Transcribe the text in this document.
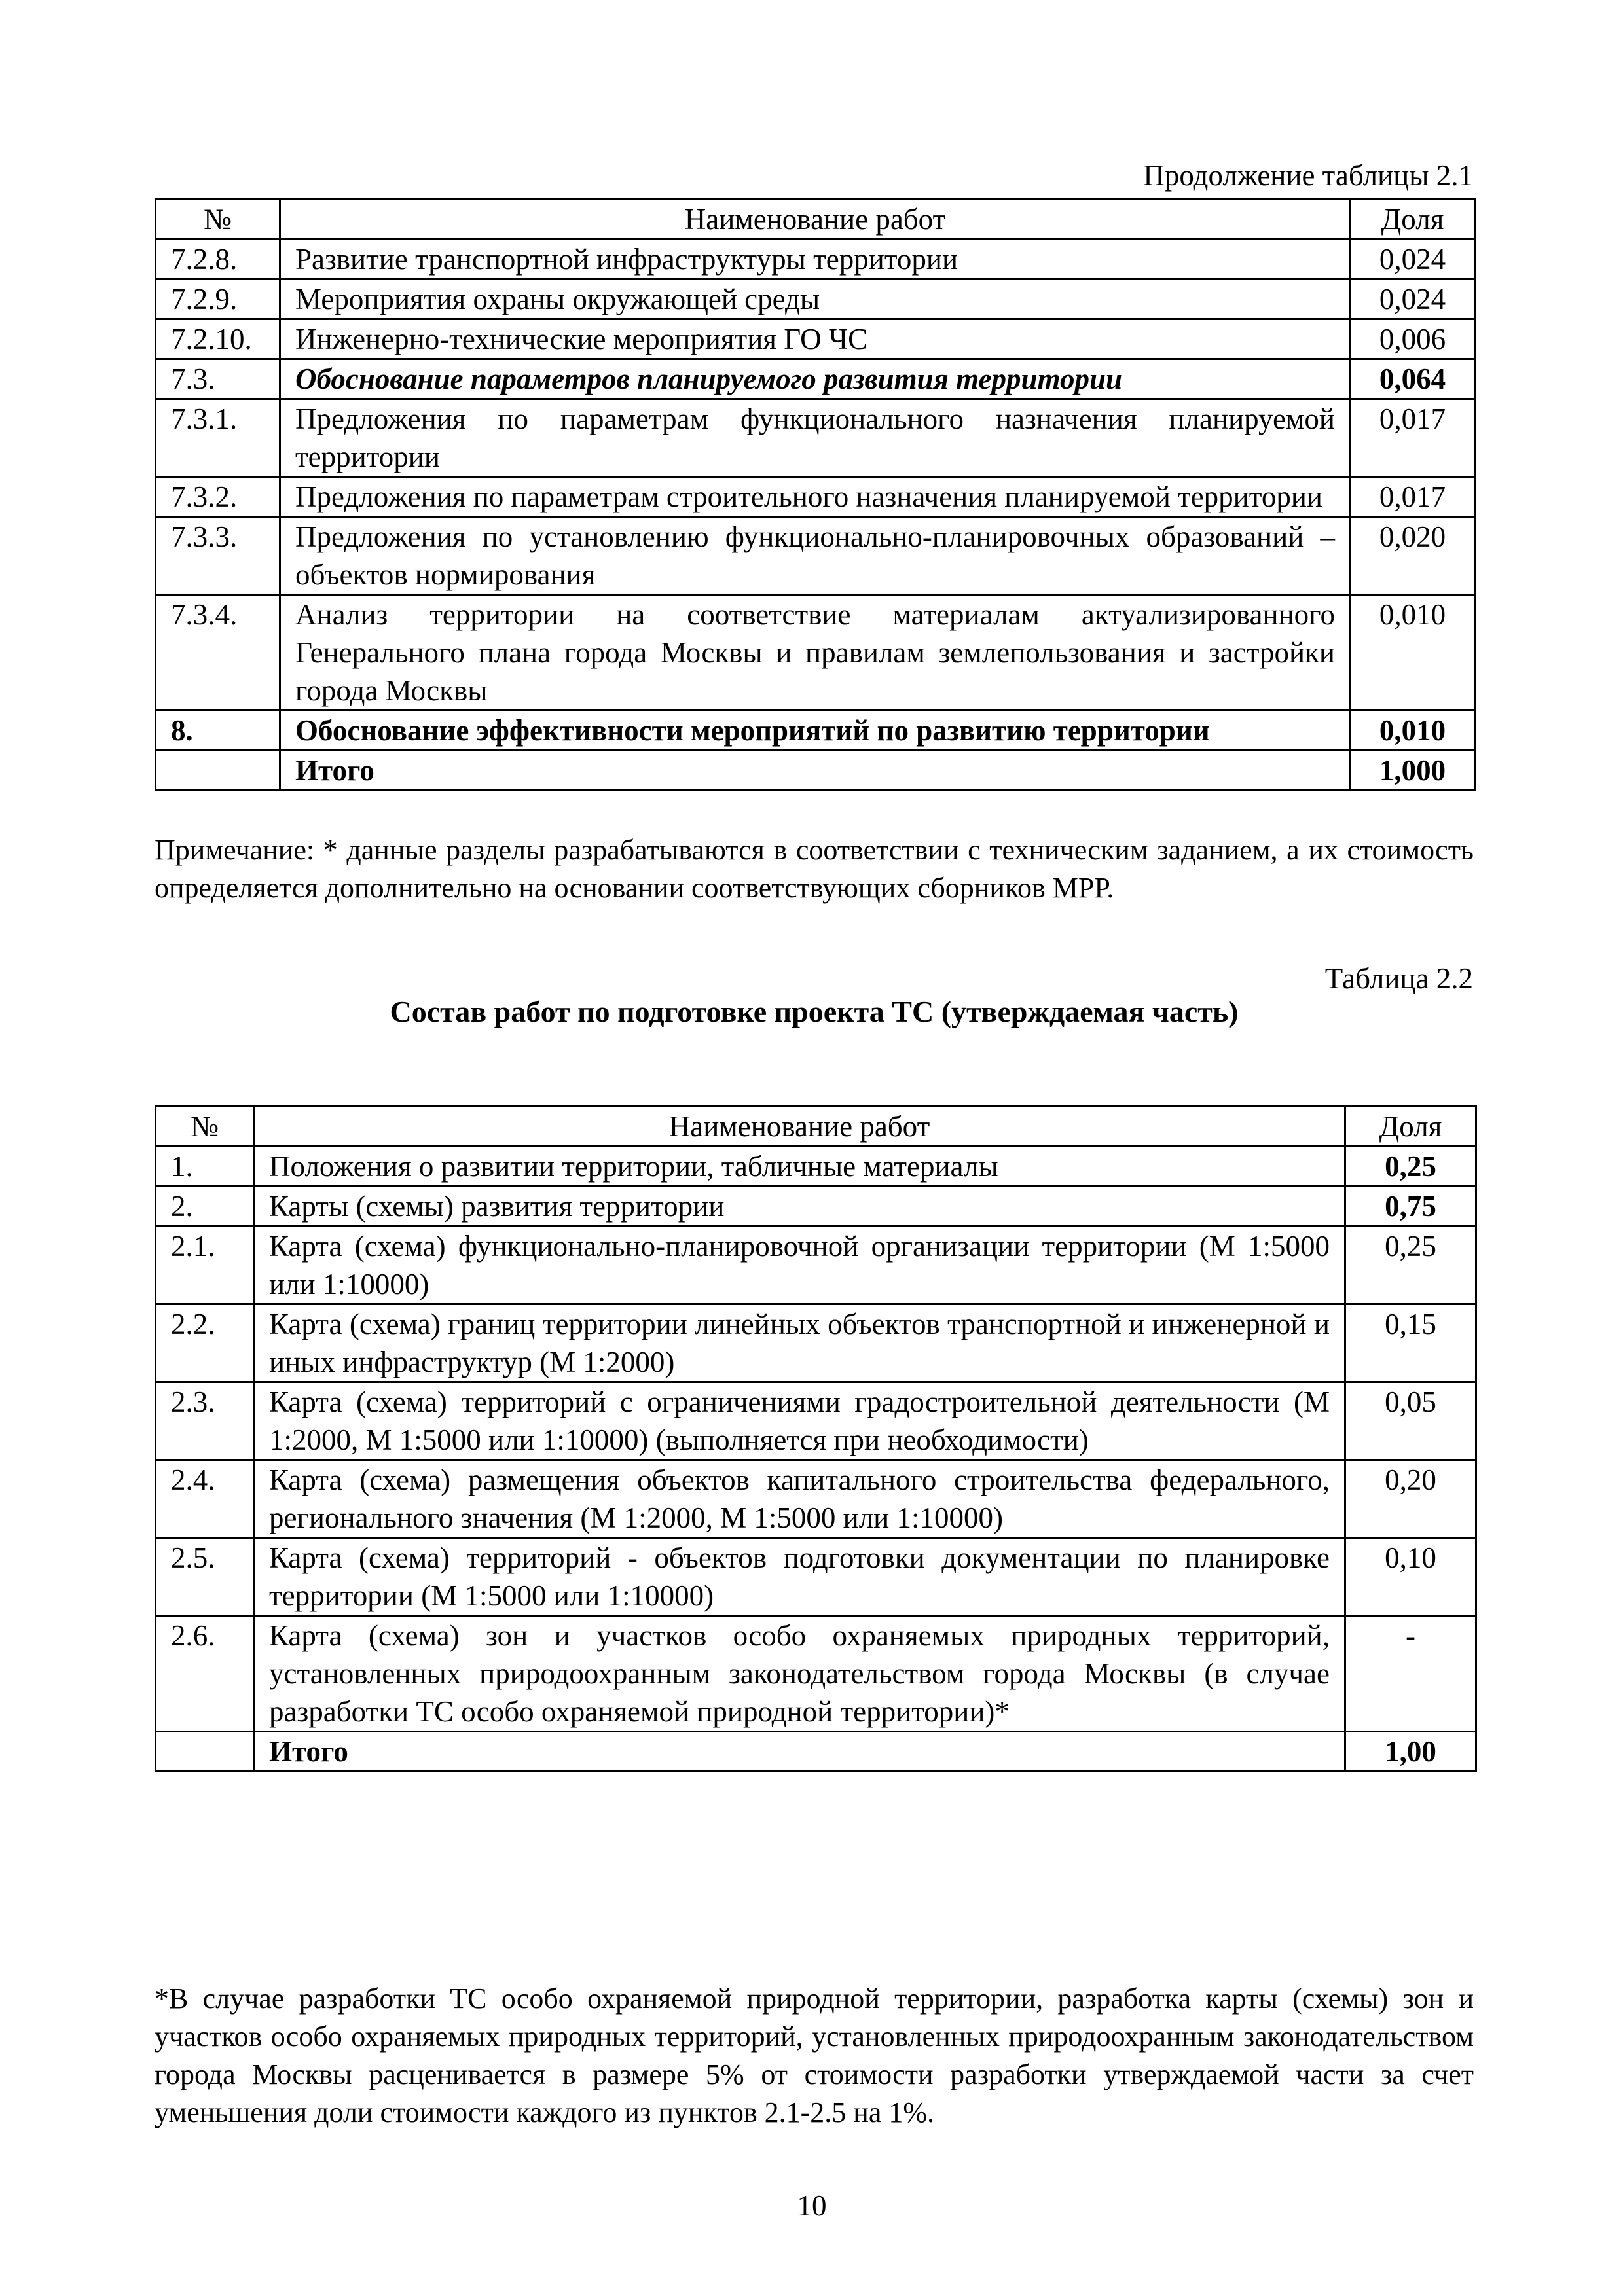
Продолжение таблицы 2.1
№	Наименование работ	Доля
7.2.8.	Развитие транспортной инфраструктуры территории	0,024
7.2.9.	Мероприятия охраны окружающей среды	0,024
7.2.10.	Инженерно-технические мероприятия ГО ЧС	0,006
7.3.	Обоснование параметров планируемого развития территории	0,064
7.3.1.	Предложения по параметрам функционального назначения планируемой территории	0,017
7.3.2.	Предложения по параметрам строительного назначения планируемой территории	0,017
7.3.3.	Предложения по установлению функционально-планировочных образований – объектов нормирования	0,020
7.3.4.	Анализ территории на соответствие материалам актуализированного Генерального плана города Москвы и правилам землепользования и застройки города Москвы	0,010
8.	Обоснование эффективности мероприятий по развитию территории	0,010
	Итого	1,000
Примечание: * данные разделы разрабатываются в соответствии с техническим заданием, а их стоимость определяется дополнительно на основании соответствующих сборников МРР.
Таблица 2.2
Состав работ по подготовке проекта ТС (утверждаемая часть)
№	Наименование работ	Доля
1.	Положения о развитии территории, табличные материалы	0,25
2.	Карты (схемы) развития территории	0,75
2.1.	Карта (схема) функционально-планировочной организации территории (М 1:5000 или 1:10000)	0,25
2.2.	Карта (схема) границ территории линейных объектов транспортной и инженерной и иных инфраструктур (М 1:2000)	0,15
2.3.	Карта (схема) территорий с ограничениями градостроительной деятельности (М 1:2000, М 1:5000 или 1:10000) (выполняется при необходимости)	0,05
2.4.	Карта (схема) размещения объектов капитального строительства федерального, регионального значения (М 1:2000, М 1:5000 или 1:10000)	0,20
2.5.	Карта (схема) территорий - объектов подготовки документации по планировке территории (М 1:5000 или 1:10000)	0,10
2.6.	Карта (схема) зон и участков особо охраняемых природных территорий, установленных природоохранным законодательством города Москвы (в случае разработки ТС особо охраняемой природной территории)*	-
	Итого	1,00
*В случае разработки ТС особо охраняемой природной территории, разработка карты (схемы) зон и участков особо охраняемых природных территорий, установленных природоохранным законодательством города Москвы расценивается в размере 5% от стоимости разработки утверждаемой части за счет уменьшения доли стоимости каждого из пунктов 2.1-2.5 на 1%.
10
